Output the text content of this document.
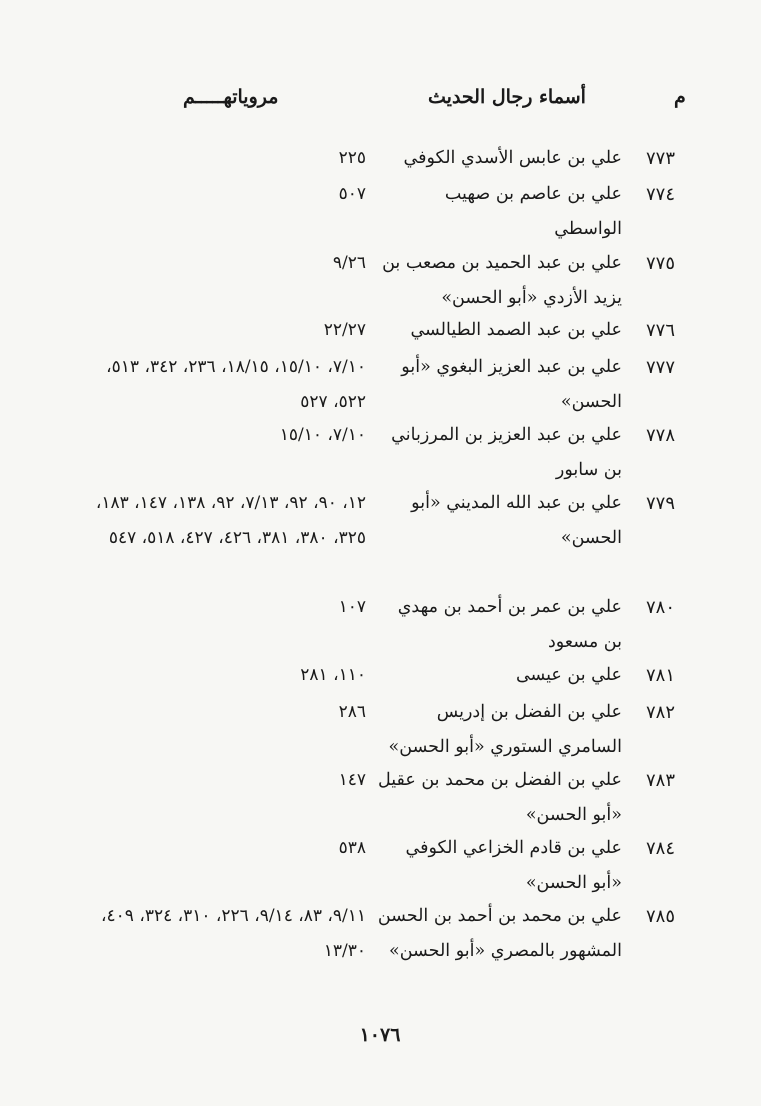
م
أسماء رجال الحديث
مروياتهـــــم
٧٧٣
علي بن عابس الأسدي الكوفي
٢٢٥
٧٧٤
علي بن عاصم بن صهيب الواسطي
٥٠٧
٧٧٥
علي بن عبد الحميد بن مصعب بن يزيد الأزدي «أبو الحسن»
٩/٢٦
٧٧٦
علي بن عبد الصمد الطيالسي
٢٢/٢٧
٧٧٧
علي بن عبد العزيز البغوي «أبو الحسن»
٧/١٠، ١٥/١٠، ١٨/١٥، ٢٣٦، ٣٤٢، ٥١٣، ٥٢٢، ٥٢٧
٧٧٨
علي بن عبد العزيز بن المرزباني بن سابور
٧/١٠، ١٥/١٠
٧٧٩
علي بن عبد الله المديني «أبو الحسن»
١٢، ٩٠، ٩٢، ٧/١٣، ٩٢، ١٣٨، ١٤٧، ١٨٣، ٣٢٥، ٣٨٠، ٣٨١، ٤٢٦، ٤٢٧، ٥١٨، ٥٤٧
٧٨٠
علي بن عمر بن أحمد بن مهدي بن مسعود
١٠٧
٧٨١
علي بن عيسى
١١٠، ٢٨١
٧٨٢
علي بن الفضل بن إدريس السامري الستوري «أبو الحسن»
٢٨٦
٧٨٣
علي بن الفضل بن محمد بن عقيل «أبو الحسن»
١٤٧
٧٨٤
علي بن قادم الخزاعي الكوفي «أبو الحسن»
٥٣٨
٧٨٥
علي بن محمد بن أحمد بن الحسن المشهور بالمصري «أبو الحسن»
٩/١١، ٨٣، ٩/١٤، ٢٢٦، ٣١٠، ٣٢٤، ٤٠٩، ١٣/٣٠
١٠٧٦
